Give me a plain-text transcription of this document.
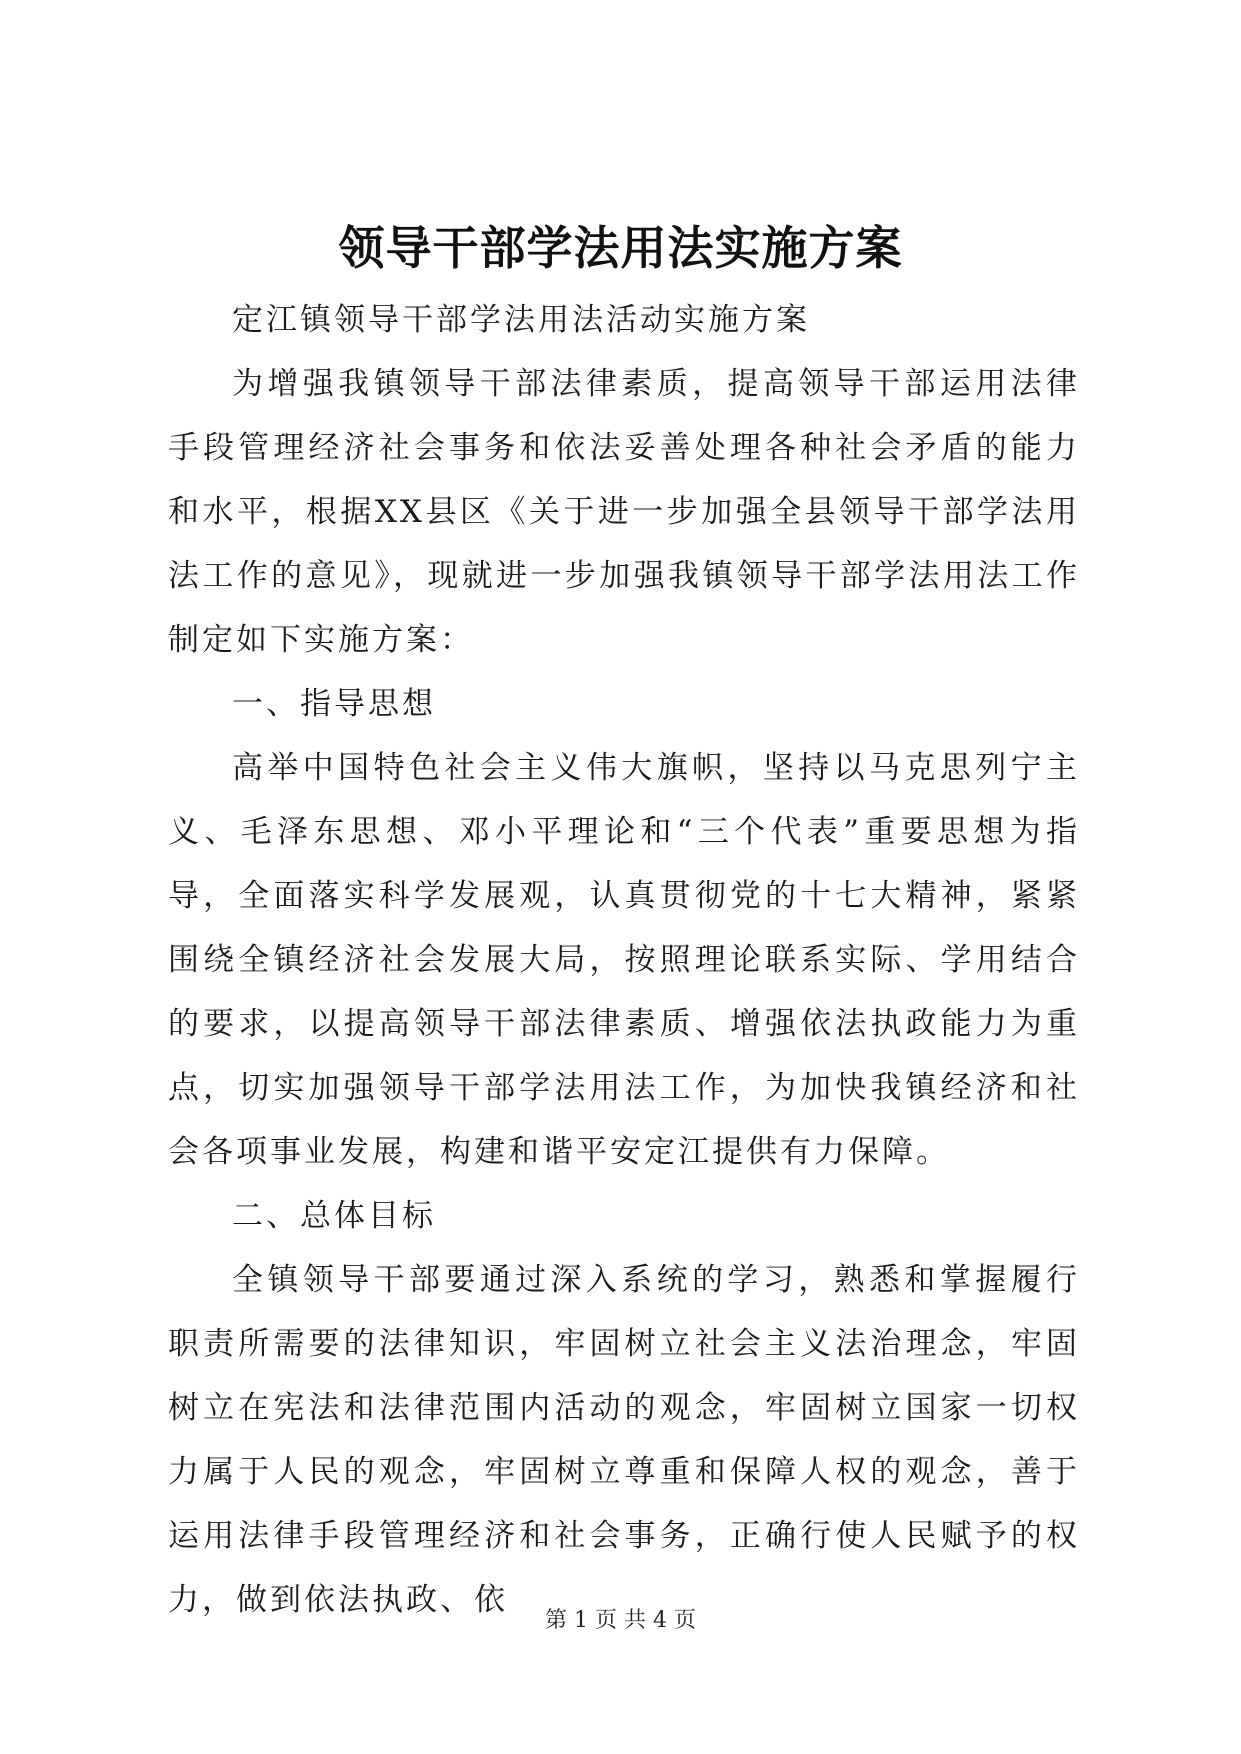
领导干部学法用法实施方案

定江镇领导干部学法用法活动实施方案

为增强我镇领导干部法律素质，提高领导干部运用法律手段管理经济社会事务和依法妥善处理各种社会矛盾的能力和水平，根据XX县区《关于进一步加强全县领导干部学法用法工作的意见》，现就进一步加强我镇领导干部学法用法工作制定如下实施方案：

一、指导思想

高举中国特色社会主义伟大旗帜，坚持以马克思列宁主义、毛泽东思想、邓小平理论和“三个代表”重要思想为指导，全面落实科学发展观，认真贯彻党的十七大精神，紧紧围绕全镇经济社会发展大局，按照理论联系实际、学用结合的要求，以提高领导干部法律素质、增强依法执政能力为重点，切实加强领导干部学法用法工作，为加快我镇经济和社会各项事业发展，构建和谐平安定江提供有力保障。

二、总体目标

全镇领导干部要通过深入系统的学习，熟悉和掌握履行职责所需要的法律知识，牢固树立社会主义法治理念，牢固树立在宪法和法律范围内活动的观念，牢固树立国家一切权力属于人民的观念，牢固树立尊重和保障人权的观念，善于运用法律手段管理经济和社会事务，正确行使人民赋予的权力，做到依法执政、依

第 1 页 共 4 页
